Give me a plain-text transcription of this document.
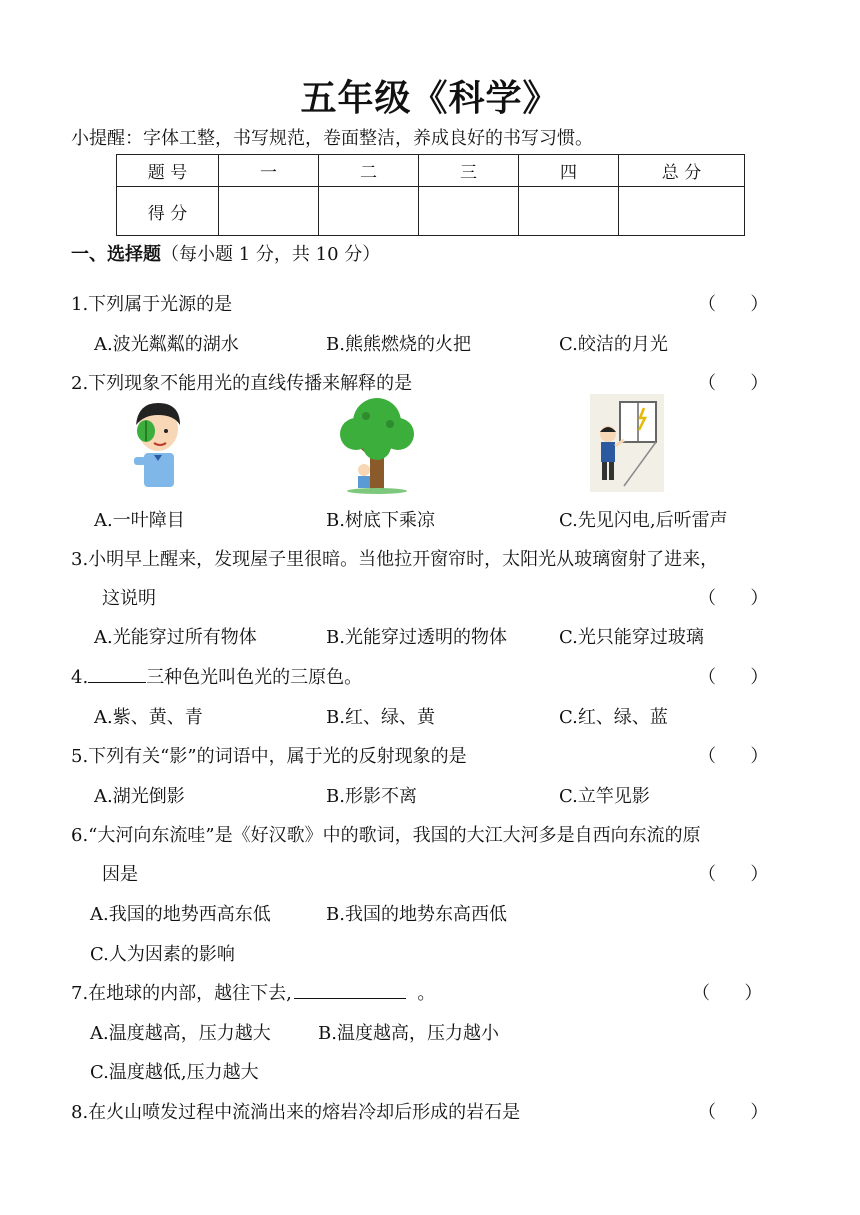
五年级《科学》
小提醒：字体工整，书写规范，卷面整洁，养成良好的书写习惯。
题 号	一	二	三	四	总 分
得 分					
一、选择题（每小题 1 分，共 10 分）
1.下列属于光源的是	（      ）
A.波光粼粼的湖水	B.熊熊燃烧的火把	C.皎洁的月光
2.下列现象不能用光的直线传播来解释的是	（      ）
A.一叶障目	B.树底下乘凉	C.先见闪电,后听雷声
3.小明早上醒来，发现屋子里很暗。当他拉开窗帘时，太阳光从玻璃窗射了进来，
这说明	（      ）
A.光能穿过所有物体	B.光能穿过透明的物体	C.光只能穿过玻璃
4.	三种色光叫色光的三原色。	（      ）
A.紫、黄、青	B.红、绿、黄	C.红、绿、蓝
5.下列有关“影”的词语中，属于光的反射现象的是	（      ）
A.湖光倒影	B.形影不离	C.立竿见影
6.“大河向东流哇”是《好汉歌》中的歌词，我国的大江大河多是自西向东流的原
因是	（      ）
A.我国的地势西高东低	B.我国的地势东高西低
C.人为因素的影响
7.在地球的内部，越往下去,	。	（      ）
A.温度越高，压力越大	B.温度越高，压力越小
C.温度越低,压力越大
8.在火山喷发过程中流淌出来的熔岩冷却后形成的岩石是	（      ）
